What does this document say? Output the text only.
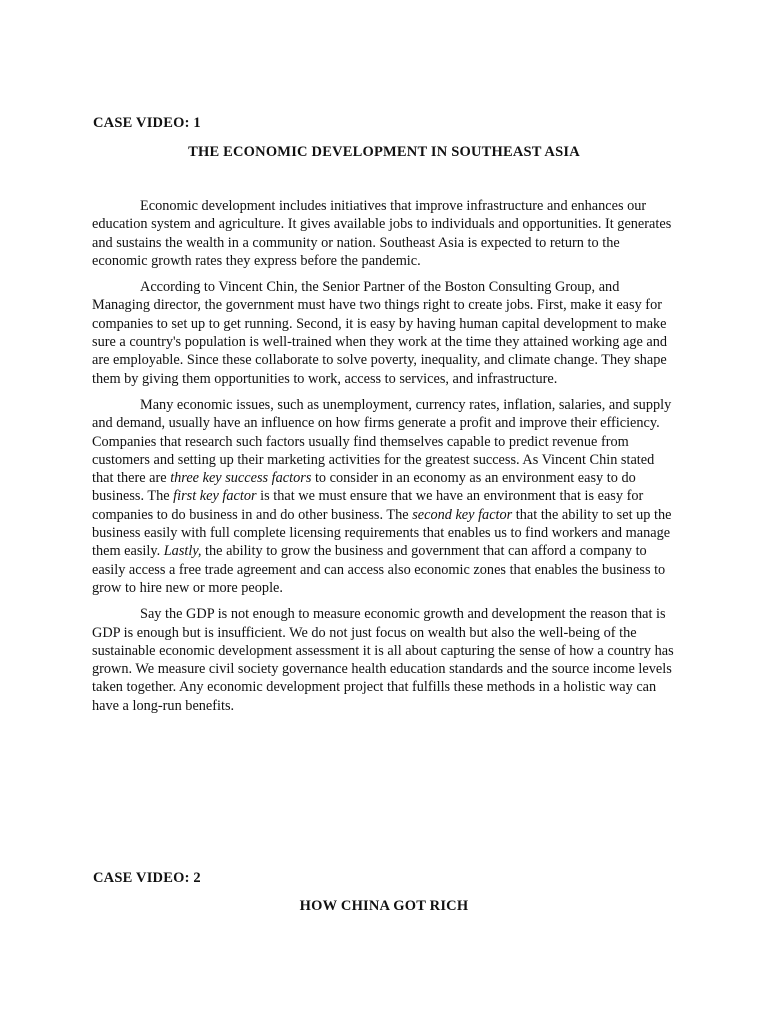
CASE VIDEO: 1

THE ECONOMIC DEVELOPMENT IN SOUTHEAST ASIA

Economic development includes initiatives that improve infrastructure and enhances our education system and agriculture. It gives available jobs to individuals and opportunities. It generates and sustains the wealth in a community or nation. Southeast Asia is expected to return to the economic growth rates they express before the pandemic.

According to Vincent Chin, the Senior Partner of the Boston Consulting Group, and Managing director, the government must have two things right to create jobs. First, make it easy for companies to set up to get running. Second, it is easy by having human capital development to make sure a country's population is well-trained when they work at the time they attained working age and are employable. Since these collaborate to solve poverty, inequality, and climate change. They shape them by giving them opportunities to work, access to services, and infrastructure.

Many economic issues, such as unemployment, currency rates, inflation, salaries, and supply and demand, usually have an influence on how firms generate a profit and improve their efficiency. Companies that research such factors usually find themselves capable to predict revenue from customers and setting up their marketing activities for the greatest success. As Vincent Chin stated that there are three key success factors to consider in an economy as an environment easy to do business. The first key factor is that we must ensure that we have an environment that is easy for companies to do business in and do other business. The second key factor that the ability to set up the business easily with full complete licensing requirements that enables us to find workers and manage them easily. Lastly, the ability to grow the business and government that can afford a company to easily access a free trade agreement and can access also economic zones that enables the business to grow to hire new or more people.

Say the GDP is not enough to measure economic growth and development the reason that is GDP is enough but is insufficient. We do not just focus on wealth but also the well-being of the sustainable economic development assessment it is all about capturing the sense of how a country has grown. We measure civil society governance health education standards and the source income levels taken together. Any economic development project that fulfills these methods in a holistic way can have a long-run benefits.

CASE VIDEO: 2

HOW CHINA GOT RICH
